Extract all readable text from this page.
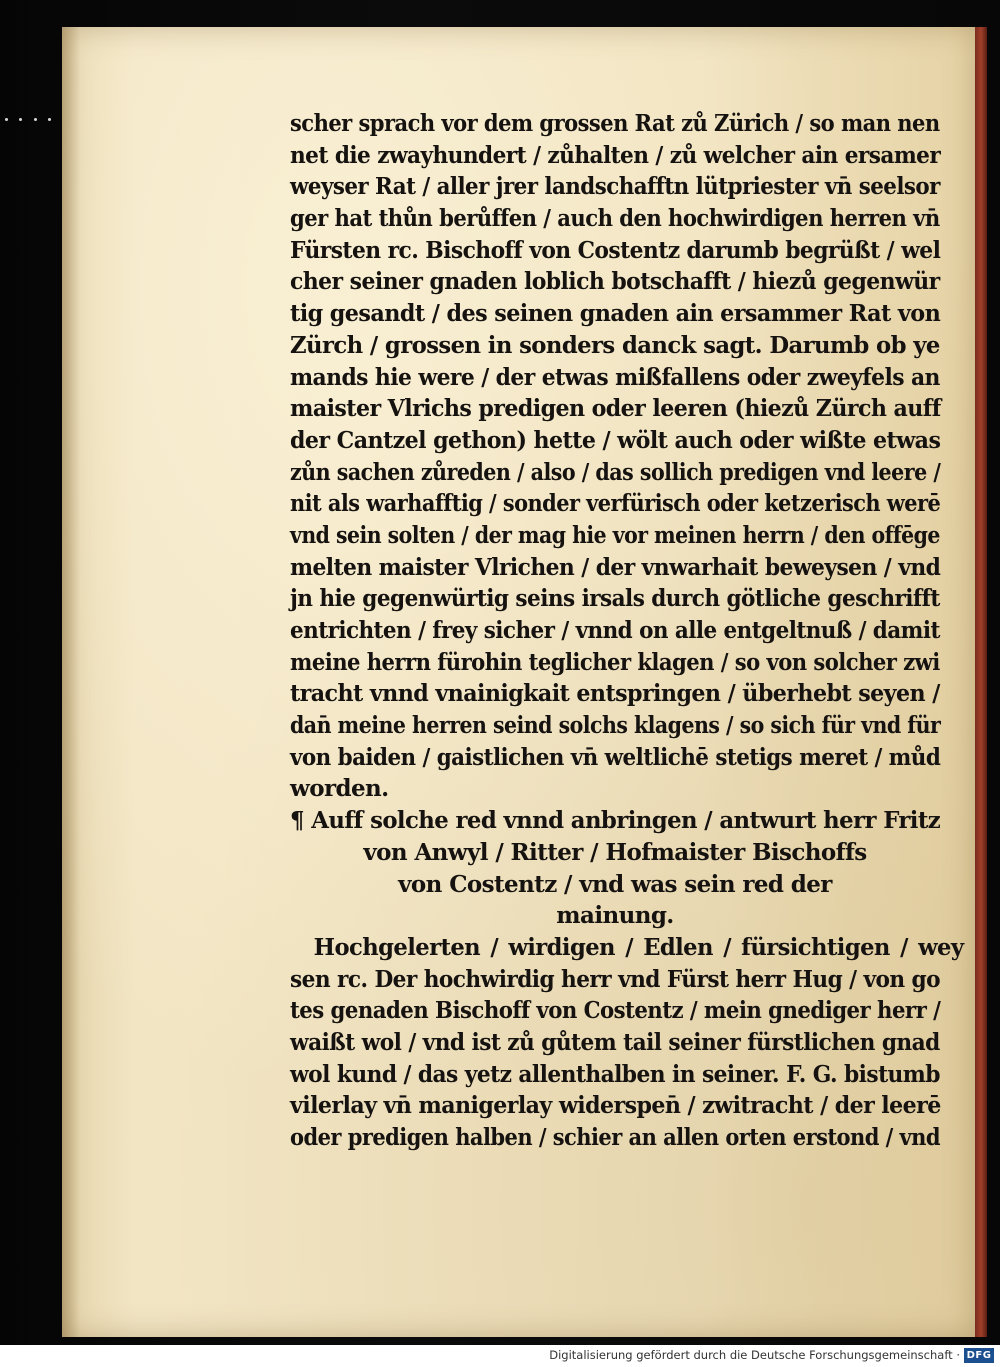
scher sprach vor dem grossen Rat zů Zürich / so man nen
net die zwayhundert / zůhalten / zů welcher ain ersamer
weyser Rat / aller jrer landschafftn lütpriester vn̄ seelsor
ger hat thůn berůffen / auch den hochwirdigen herren vn̄
Fürsten rc. Bischoff von Costentz darumb begrüßt / wel
cher seiner gnaden loblich botschafft / hiezů gegenwür
tig gesandt / des seinen gnaden ain ersammer Rat von
Zürch / grossen in sonders danck sagt. Darumb ob ye
mands hie were / der etwas mißfallens oder zweyfels an
maister Vlrichs predigen oder leeren (hiezů Zürch auff
der Cantzel gethon) hette / wölt auch oder wißte etwas
zůn sachen zůreden / also / das sollich predigen vnd leere /
nit als warhafftig / sonder verfürisch oder ketzerisch werē
vnd sein solten / der mag hie vor meinen herrn / den offēge
melten maister Vlrichen / der vnwarhait beweysen / vnd
jn hie gegenwürtig seins irsals durch götliche geschrifft
entrichten / frey sicher / vnnd on alle entgeltnuß / damit
meine herrn fürohin teglicher klagen / so von solcher zwi
tracht vnnd vnainigkait entspringen / überhebt seyen /
dan̄ meine herren seind solchs klagens / so sich für vnd für
von baiden / gaistlichen vn̄ weltlichē stetigs meret / můd
worden.
¶ Auff solche red vnnd anbringen / antwurt herr Fritz
von Anwyl / Ritter / Hofmaister Bischoffs
von Costentz / vnd was sein red der
mainung.
Hochgelerten / wirdigen / Edlen / fürsichtigen / wey
sen rc. Der hochwirdig herr vnd Fürst herr Hug / von go
tes genaden Bischoff von Costentz / mein gnediger herr /
waißt wol / vnd ist zů gůtem tail seiner fürstlichen gnad
wol kund / das yetz allenthalben in seiner. F. G. bistumb
vilerlay vn̄ manigerlay widerspen̄ / zwitracht / der leerē
oder predigen halben / schier an allen orten erstond / vnd
Digitalisierung gefördert durch die Deutsche Forschungsgemeinschaft · DFG
